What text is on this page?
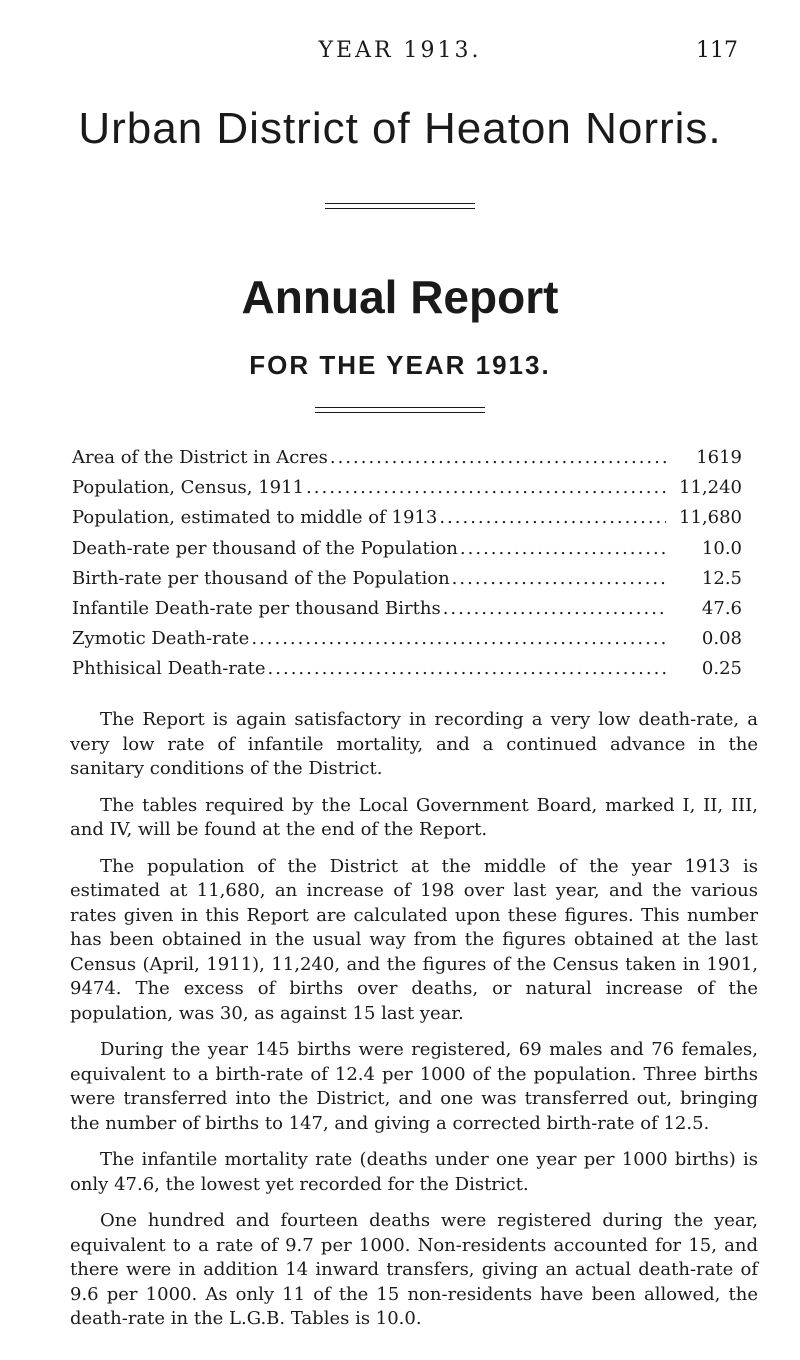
YEAR 1913.	117
Urban District of Heaton Norris.
Annual Report
FOR THE YEAR 1913.
Area of the District in Acres .....	1619
Population, Census, 1911 .....	11,240
Population, estimated to middle of 1913 .....	11,680
Death-rate per thousand of the Population .....	10.0
Birth-rate per thousand of the Population .....	12.5
Infantile Death-rate per thousand Births .....	47.6
Zymotic Death-rate .....	0.08
Phthisical Death-rate .....	0.25

The Report is again satisfactory in recording a very low death-rate, a very low rate of infantile mortality, and a continued advance in the sanitary conditions of the District.

The tables required by the Local Government Board, marked I, II, III, and IV, will be found at the end of the Report.

The population of the District at the middle of the year 1913 is estimated at 11,680, an increase of 198 over last year, and the various rates given in this Report are calculated upon these figures. This number has been obtained in the usual way from the figures obtained at the last Census (April, 1911), 11,240, and the figures of the Census taken in 1901, 9474. The excess of births over deaths, or natural increase of the population, was 30, as against 15 last year.

During the year 145 births were registered, 69 males and 76 females, equivalent to a birth-rate of 12.4 per 1000 of the population. Three births were transferred into the District, and one was transferred out, bringing the number of births to 147, and giving a corrected birth-rate of 12.5.

The infantile mortality rate (deaths under one year per 1000 births) is only 47.6, the lowest yet recorded for the District.

One hundred and fourteen deaths were registered during the year, equivalent to a rate of 9.7 per 1000. Non-residents accounted for 15, and there were in addition 14 inward transfers, giving an actual death-rate of 9.6 per 1000. As only 11 of the 15 non-residents have been allowed, the death-rate in the L.G.B. Tables is 10.0.
